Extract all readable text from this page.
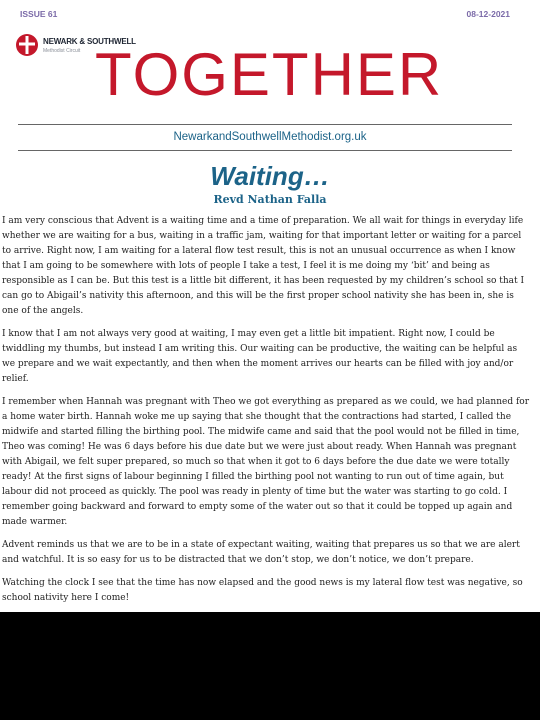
ISSUE 61	08-12-2021
NEWARK & SOUTHWELL
Methodist Circuit TOGETHER
NewarkandSouthwellMethodist.org.uk
Waiting…
Revd Nathan Falla

I am very conscious that Advent is a waiting time and a time of preparation. We all wait for things in everyday life whether we are waiting for a bus, waiting in a traffic jam, waiting for that important letter or waiting for a parcel to arrive. Right now, I am waiting for a lateral flow test result, this is not an unusual occurrence as when I know that I am going to be somewhere with lots of people I take a test, I feel it is me doing my ‘bit’ and being as responsible as I can be. But this test is a little bit different, it has been requested by my children’s school so that I can go to Abigail’s nativity this afternoon, and this will be the first proper school nativity she has been in, she is one of the angels.

I know that I am not always very good at waiting, I may even get a little bit impatient. Right now, I could be twiddling my thumbs, but instead I am writing this. Our waiting can be productive, the waiting can be helpful as we prepare and we wait expectantly, and then when the moment arrives our hearts can be filled with joy and/or relief.

I remember when Hannah was pregnant with Theo we got everything as prepared as we could, we had planned for a home water birth. Hannah woke me up saying that she thought that the contractions had started, I called the midwife and started filling the birthing pool. The midwife came and said that the pool would not be filled in time, Theo was coming! He was 6 days before his due date but we were just about ready. When Hannah was pregnant with Abigail, we felt super prepared, so much so that when it got to 6 days before the due date we were totally ready! At the first signs of labour beginning I filled the birthing pool not wanting to run out of time again, but labour did not proceed as quickly. The pool was ready in plenty of time but the water was starting to go cold. I remember going backward and forward to empty some of the water out so that it could be topped up again and made warmer.

Advent reminds us that we are to be in a state of expectant waiting, waiting that prepares us so that we are alert and watchful. It is so easy for us to be distracted that we don’t stop, we don’t notice, we don’t prepare.

Watching the clock I see that the time has now elapsed and the good news is my lateral flow test was negative, so school nativity here I come!
